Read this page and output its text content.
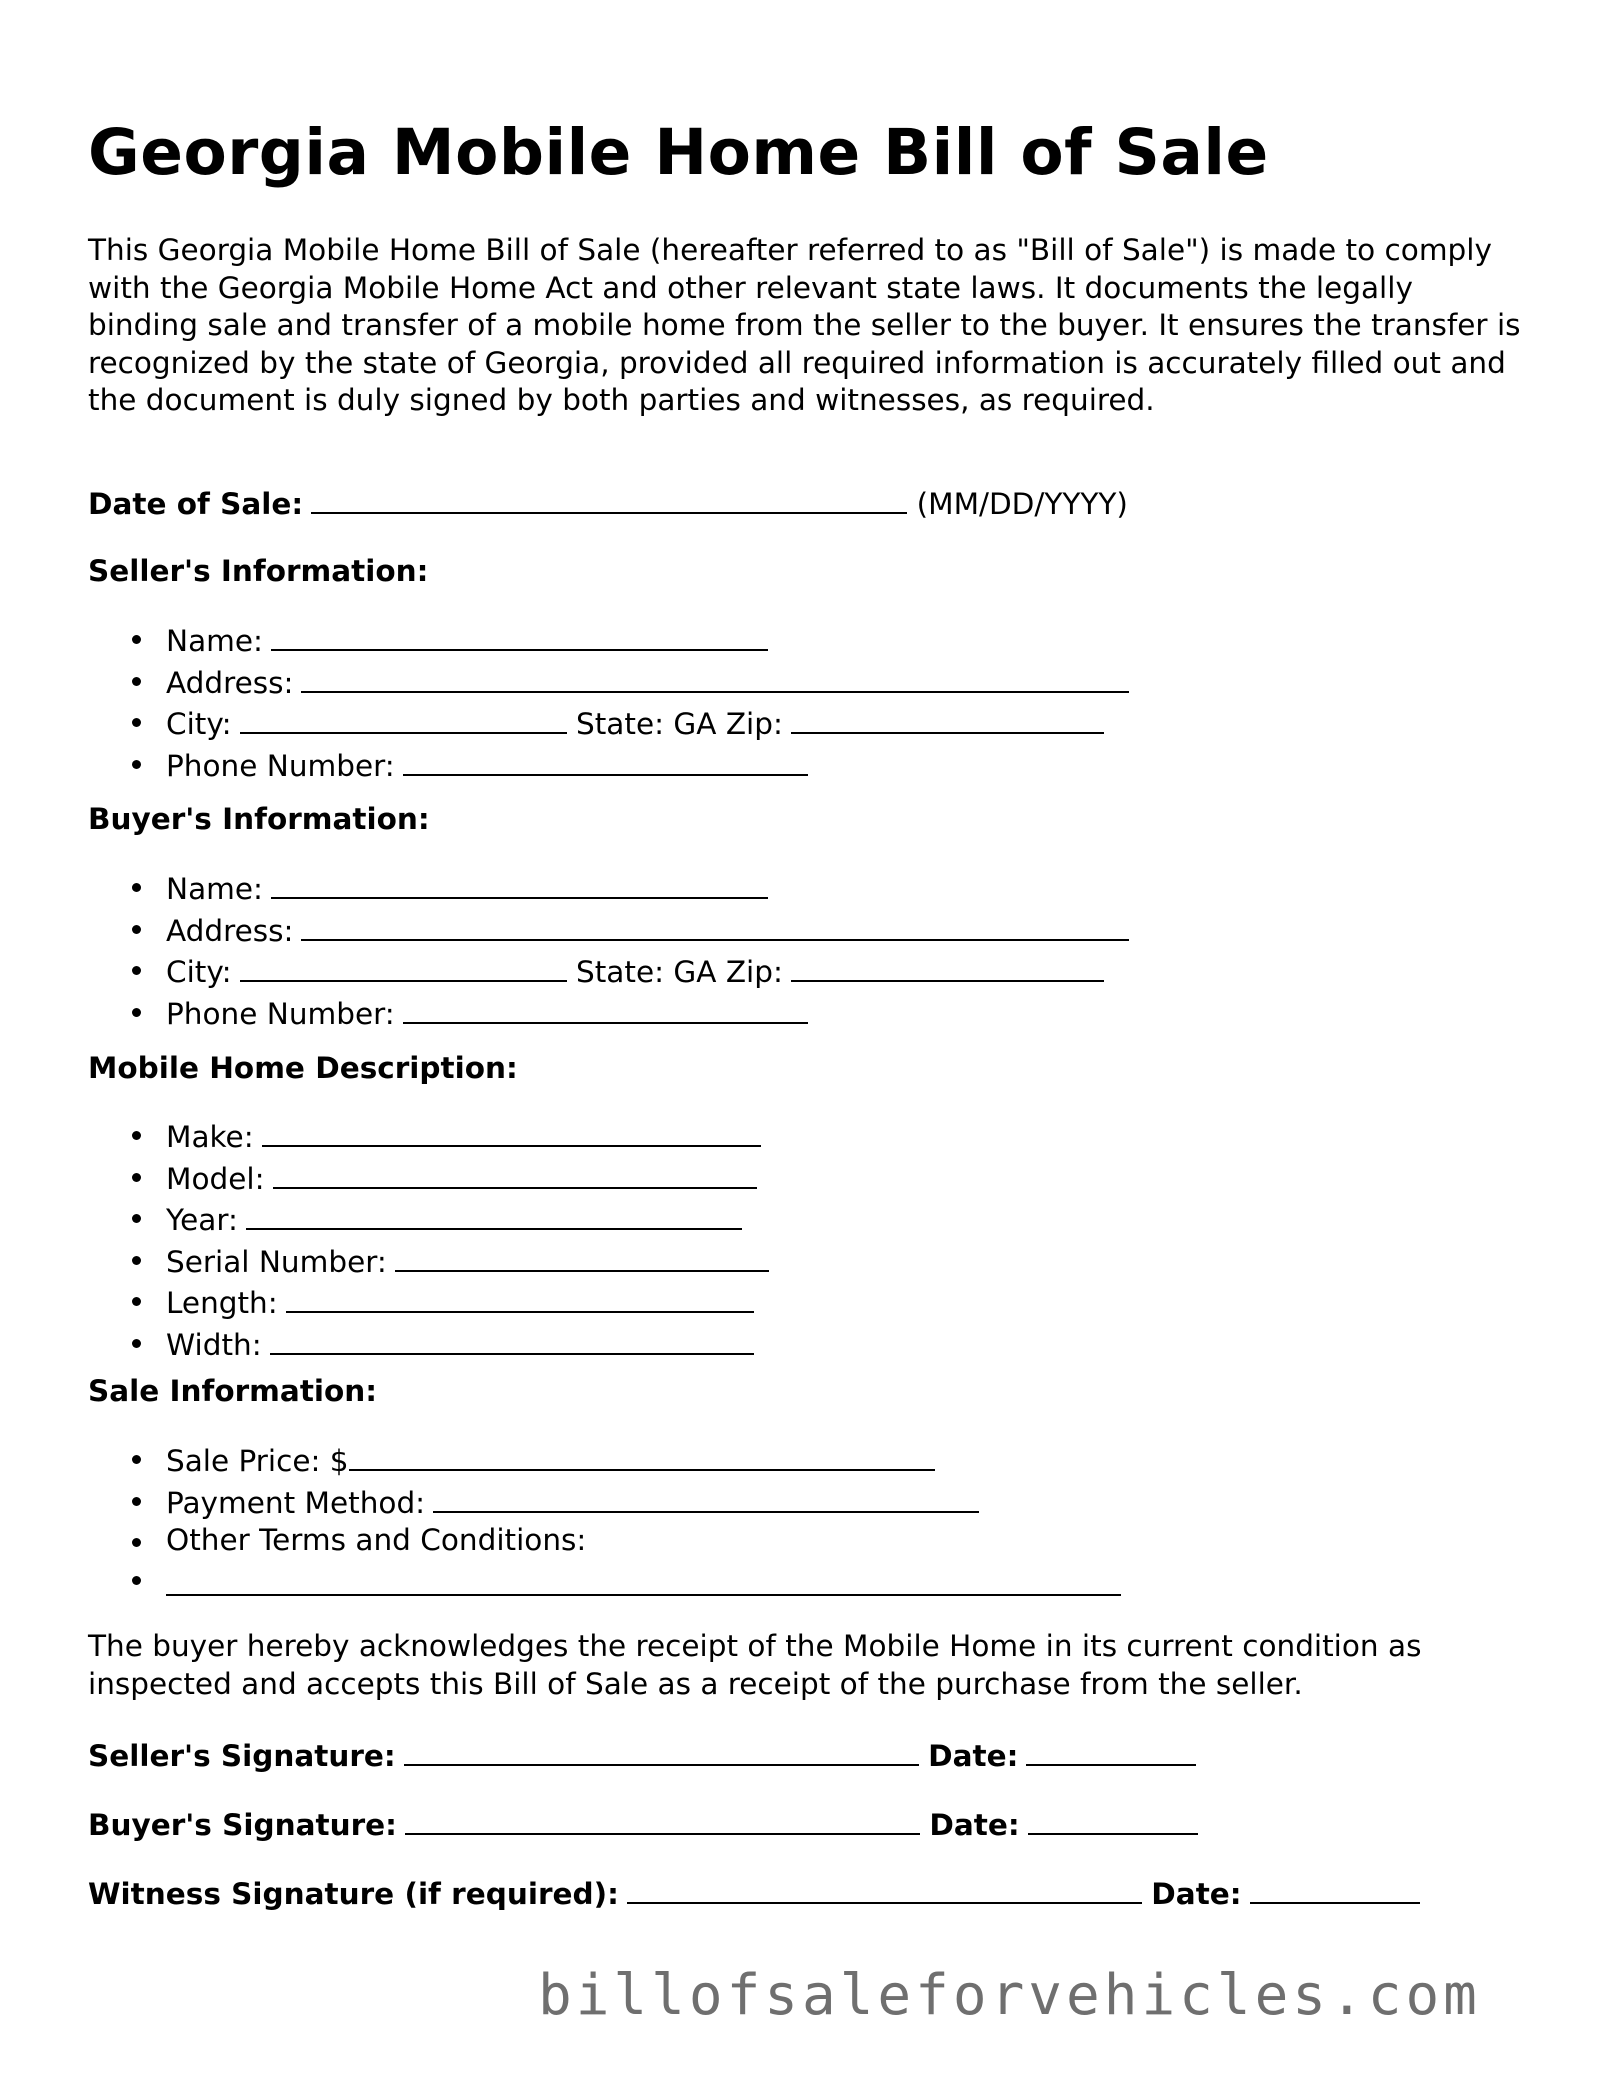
Georgia Mobile Home Bill of Sale

This Georgia Mobile Home Bill of Sale (hereafter referred to as "Bill of Sale") is made to comply with the Georgia Mobile Home Act and other relevant state laws. It documents the legally binding sale and transfer of a mobile home from the seller to the buyer. It ensures the transfer is recognized by the state of Georgia, provided all required information is accurately filled out and the document is duly signed by both parties and witnesses, as required.

Date of Sale:	(MM/DD/YYYY)
Seller's Information:
Name:
Address:
City:	State: GA Zip:
Phone Number:
Buyer's Information:
Name:
Address:
City:	State: GA Zip:
Phone Number:
Mobile Home Description:
Make:
Model:
Year:
Serial Number:
Length:
Width:
Sale Information:
Sale Price: $
Payment Method:
Other Terms and Conditions:

The buyer hereby acknowledges the receipt of the Mobile Home in its current condition as inspected and accepts this Bill of Sale as a receipt of the purchase from the seller.

Seller's Signature:	Date:
Buyer's Signature:	Date:
Witness Signature (if required):	Date:
billofsaleforvehicles.com
